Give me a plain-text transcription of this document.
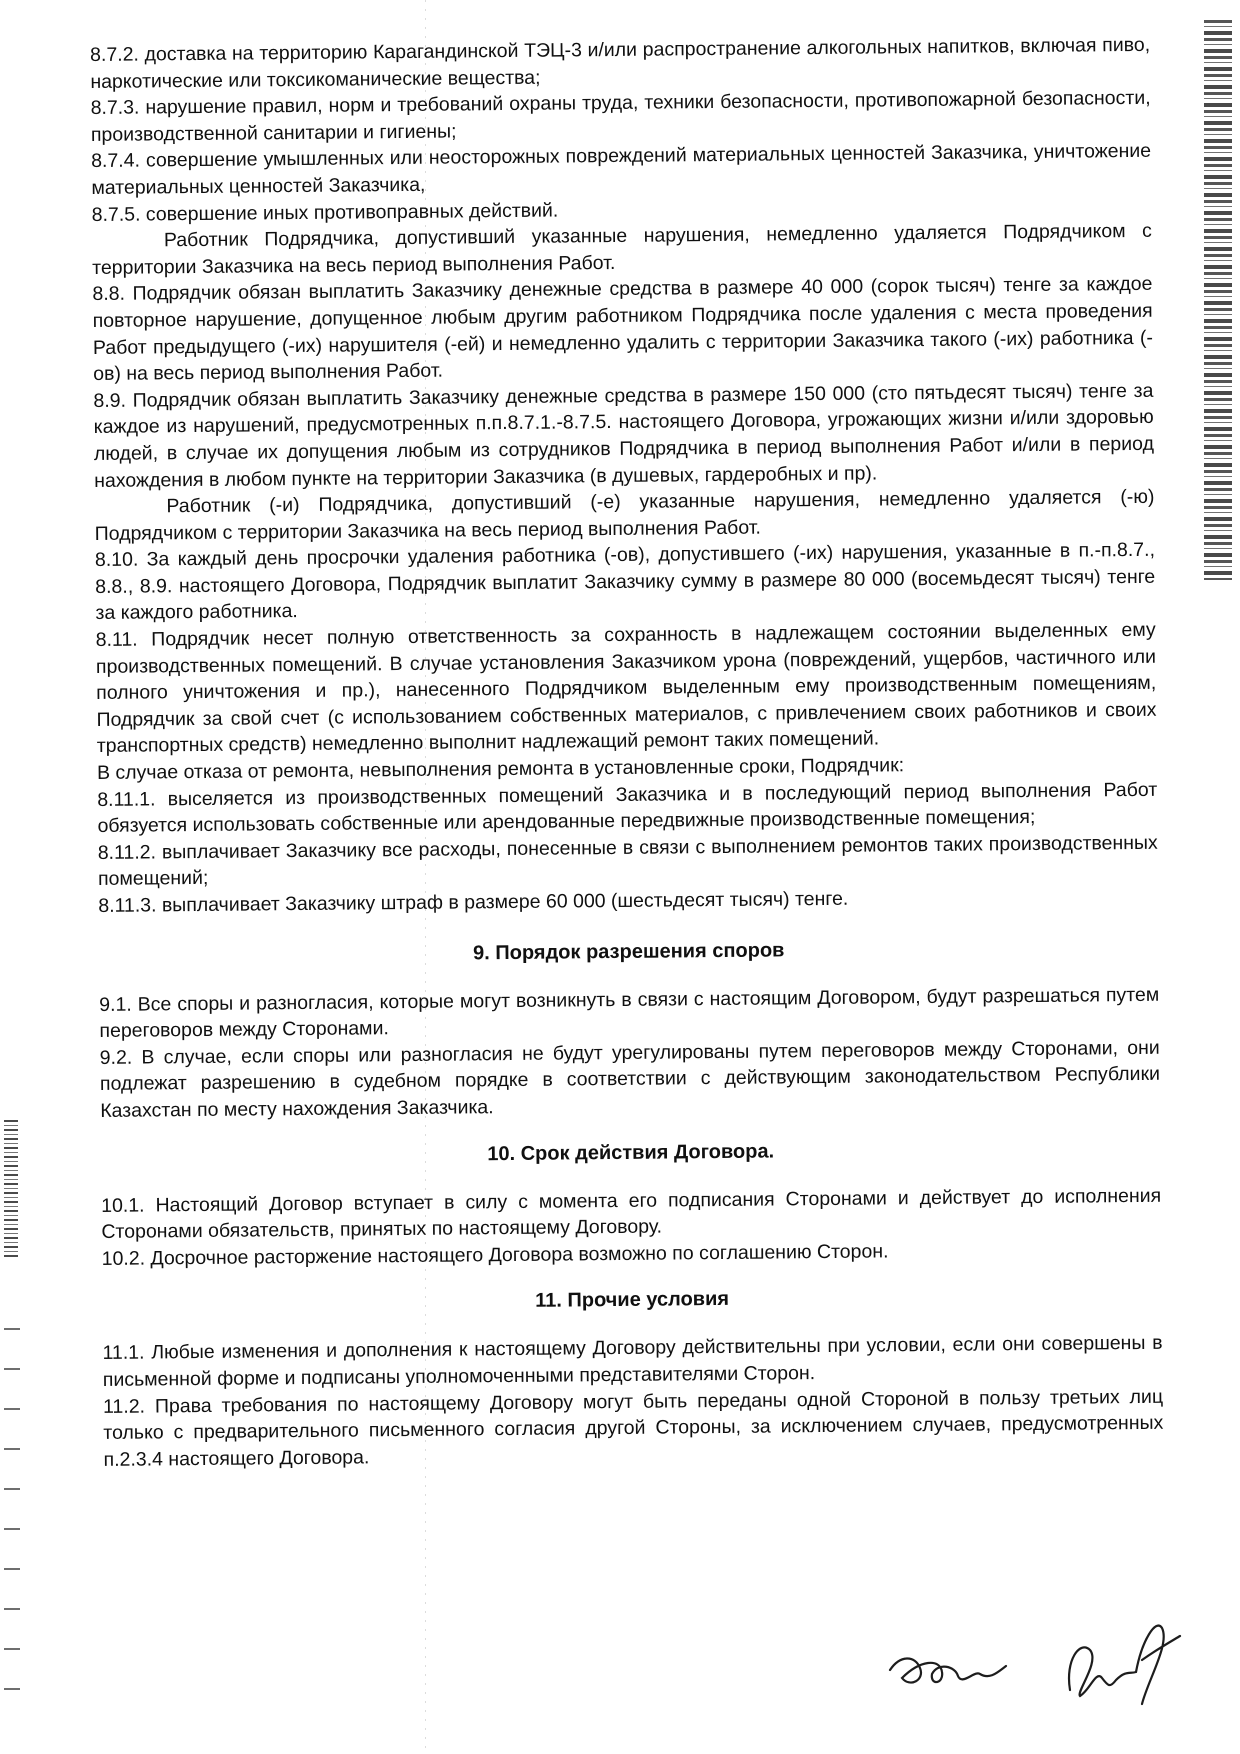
8.7.2. доставка на территорию Карагандинской ТЭЦ-3 и/или распространение алкогольных напитков, включая пиво, наркотические или токсикоманические вещества;

8.7.3. нарушение правил, норм и требований охраны труда, техники безопасности, противопожарной безопасности, производственной санитарии и гигиены;

8.7.4. совершение умышленных или неосторожных повреждений материальных ценностей Заказчика, уничтожение материальных ценностей Заказчика,

8.7.5. совершение иных противоправных действий.

Работник Подрядчика, допустивший указанные нарушения, немедленно удаляется Подрядчиком с территории Заказчика на весь период выполнения Работ.

8.8. Подрядчик обязан выплатить Заказчику денежные средства в размере 40 000 (сорок тысяч) тенге за каждое повторное нарушение, допущенное любым другим работником Подрядчика после удаления с места проведения Работ предыдущего (-их) нарушителя (-ей) и немедленно удалить с территории Заказчика такого (-их) работника (-ов) на весь период выполнения Работ.

8.9. Подрядчик обязан выплатить Заказчику денежные средства в размере 150 000 (сто пятьдесят тысяч) тенге за каждое из нарушений, предусмотренных п.п.8.7.1.-8.7.5. настоящего Договора, угрожающих жизни и/или здоровью людей, в случае их допущения любым из сотрудников Подрядчика в период выполнения Работ и/или в период нахождения в любом пункте на территории Заказчика (в душевых, гардеробных и пр).

Работник (-и) Подрядчика, допустивший (-е) указанные нарушения, немедленно удаляется (-ю) Подрядчиком с территории Заказчика на весь период выполнения Работ.

8.10. За каждый день просрочки удаления работника (-ов), допустившего (-их) нарушения, указанные в п.-п.8.7., 8.8., 8.9. настоящего Договора, Подрядчик выплатит Заказчику сумму в размере 80 000 (восемьдесят тысяч) тенге за каждого работника.

8.11. Подрядчик несет полную ответственность за сохранность в надлежащем состоянии выделенных ему производственных помещений. В случае установления Заказчиком урона (повреждений, ущербов, частичного или полного уничтожения и пр.), нанесенного Подрядчиком выделенным ему производственным помещениям, Подрядчик за свой счет (с использованием собственных материалов, с привлечением своих работников и своих транспортных средств) немедленно выполнит надлежащий ремонт таких помещений.

В случае отказа от ремонта, невыполнения ремонта в установленные сроки, Подрядчик:

8.11.1. выселяется из производственных помещений Заказчика и в последующий период выполнения Работ обязуется использовать собственные или арендованные передвижные производственные помещения;

8.11.2. выплачивает Заказчику все расходы, понесенные в связи с выполнением ремонтов таких производственных помещений;

8.11.3. выплачивает Заказчику штраф в размере 60 000 (шестьдесят тысяч) тенге.

9. Порядок разрешения споров

9.1. Все споры и разногласия, которые могут возникнуть в связи с настоящим Договором, будут разрешаться путем переговоров между Сторонами.

9.2. В случае, если споры или разногласия не будут урегулированы путем переговоров между Сторонами, они подлежат разрешению в судебном порядке в соответствии с действующим законодательством Республики Казахстан по месту нахождения Заказчика.

10. Срок действия Договора.

10.1. Настоящий Договор вступает в силу с момента его подписания Сторонами и действует до исполнения Сторонами обязательств, принятых по настоящему Договору.

10.2. Досрочное расторжение настоящего Договора возможно по соглашению Сторон.

11. Прочие условия

11.1. Любые изменения и дополнения к настоящему Договору действительны при условии, если они совершены в письменной форме и подписаны уполномоченными представителями Сторон.

11.2. Права требования по настоящему Договору могут быть переданы одной Стороной в пользу третьих лиц только с предварительного письменного согласия другой Стороны, за исключением случаев, предусмотренных п.2.3.4 настоящего Договора.
